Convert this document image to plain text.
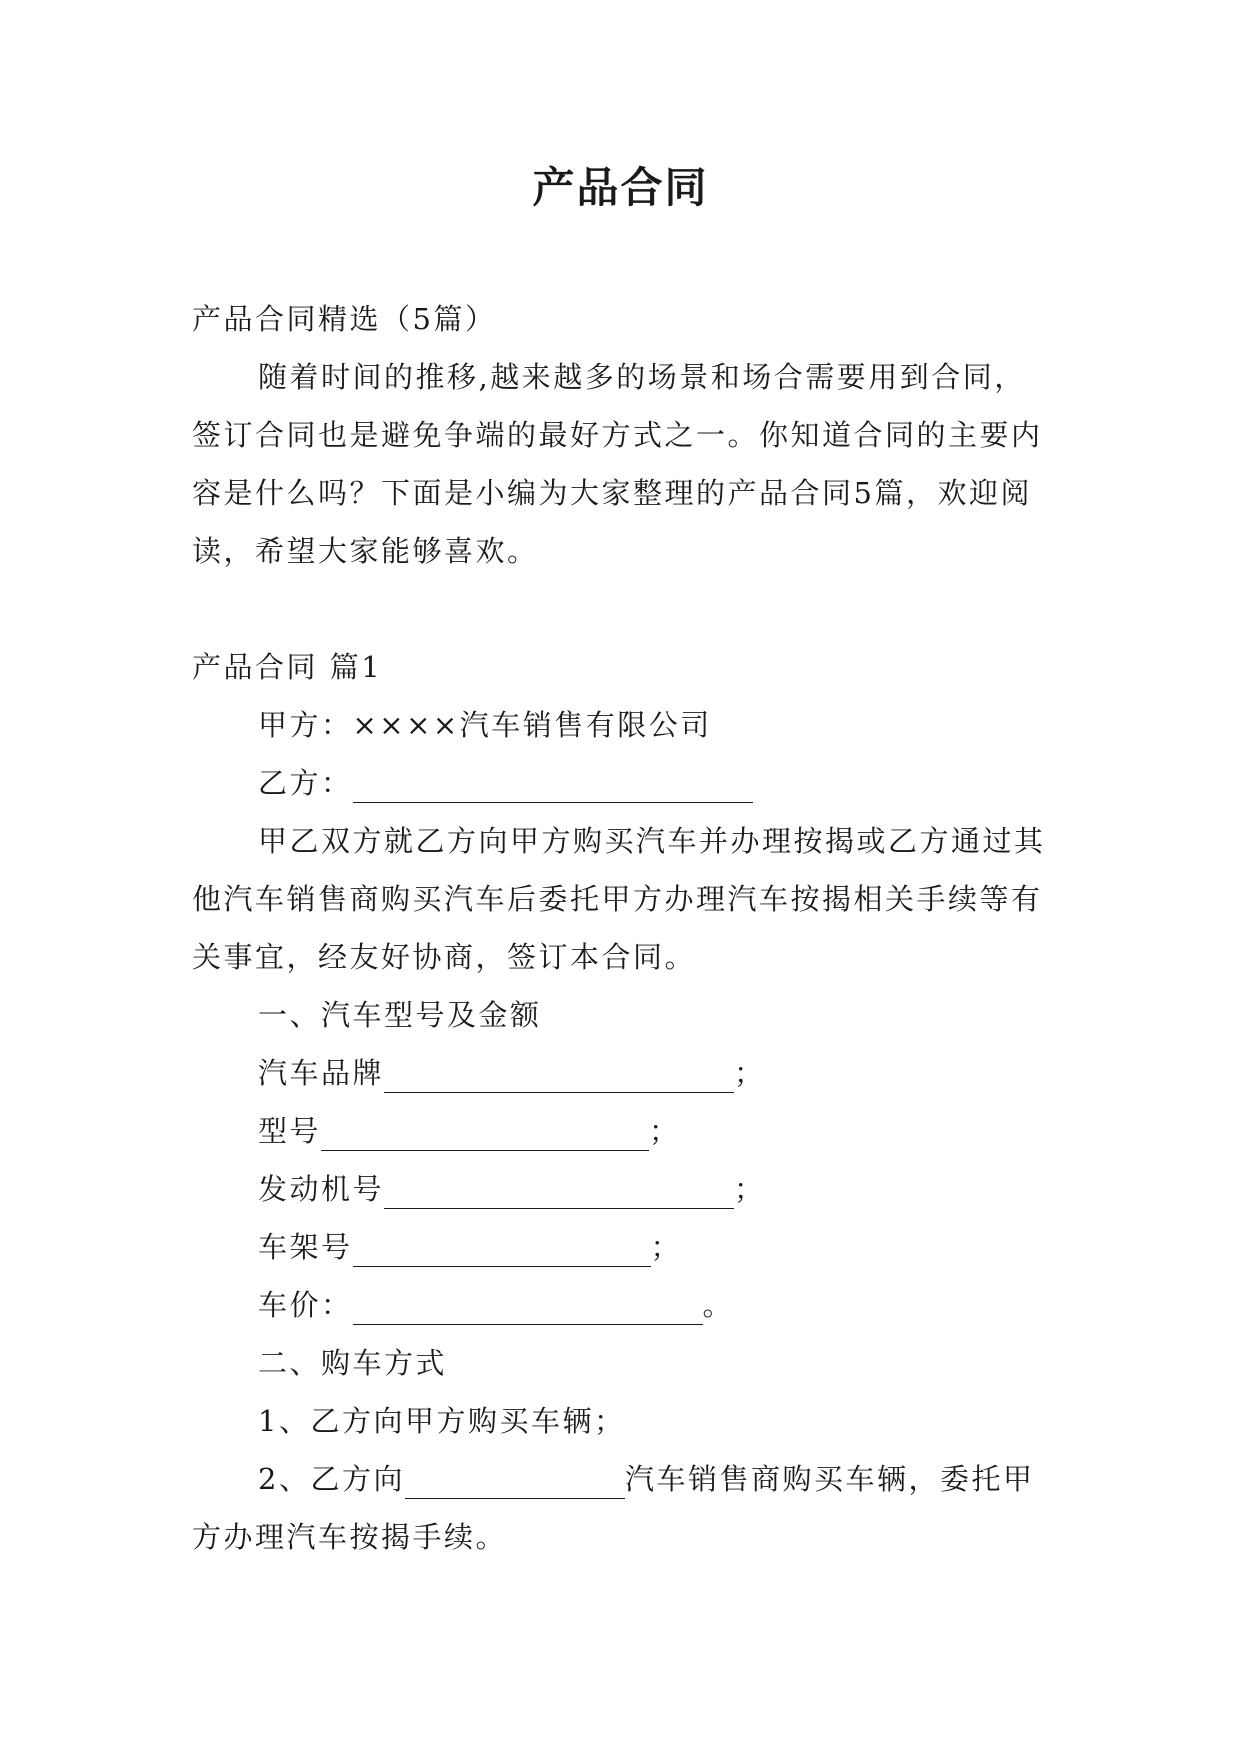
产品合同

产品合同精选（5篇）

随着时间的推移,越来越多的场景和场合需要用到合同，签订合同也是避免争端的最好方式之一。你知道合同的主要内容是什么吗？下面是小编为大家整理的产品合同5篇，欢迎阅读，希望大家能够喜欢。

产品合同 篇1

甲方：××××汽车销售有限公司

乙方：

甲乙双方就乙方向甲方购买汽车并办理按揭或乙方通过其他汽车销售商购买汽车后委托甲方办理汽车按揭相关手续等有关事宜，经友好协商，签订本合同。

一、汽车型号及金额

汽车品牌	；

型号	；

发动机号	；

车架号	；

车价：	。

二、购车方式

1、乙方向甲方购买车辆；

2、乙方向	汽车销售商购买车辆，委托甲方办理汽车按揭手续。
